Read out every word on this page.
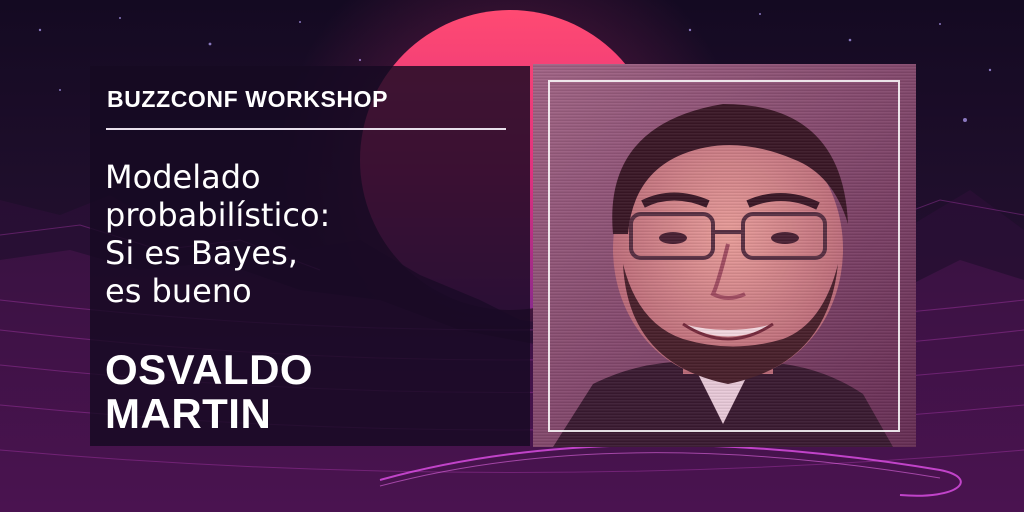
BUZZCONF WORKSHOP
Modelado
probabilístico:
Si es Bayes,
es bueno
OSVALDO
MARTIN
